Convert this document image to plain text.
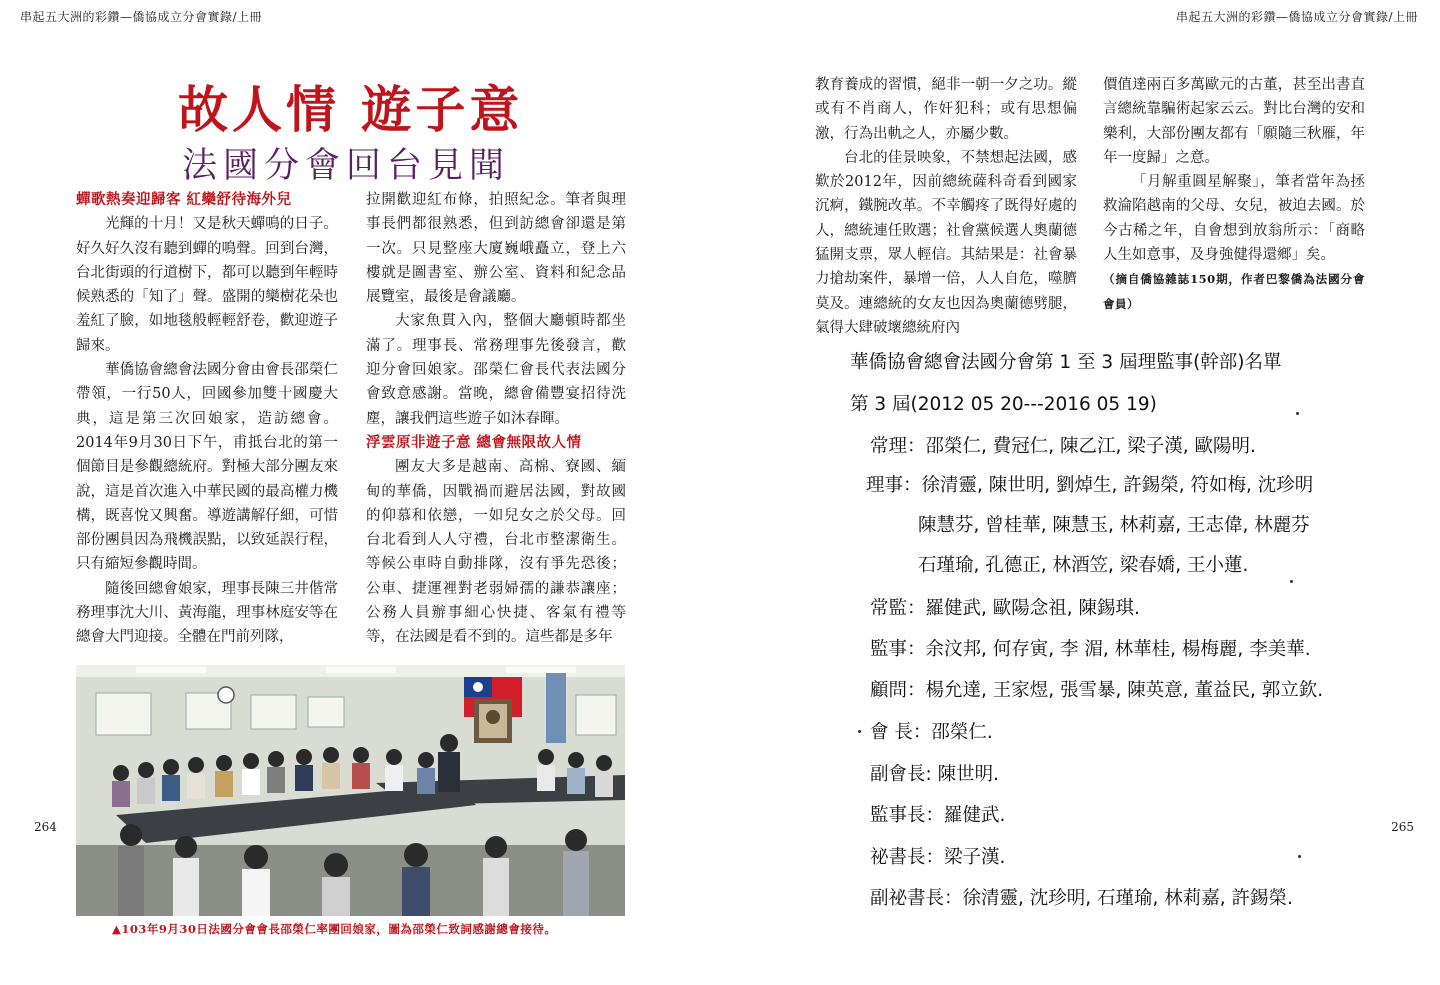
串起五大洲的彩鑽—僑協成立分會實錄/上冊	串起五大洲的彩鑽—僑協成立分會實錄/上冊
故人情 遊子意
法國分會回台見聞

蟬歌熱奏迎歸客 紅欒舒待海外兒

光輝的十月！又是秋天蟬鳴的日子。好久好久沒有聽到蟬的鳴聲。回到台灣，台北街頭的行道樹下，都可以聽到年輕時候熟悉的「知了」聲。盛開的欒樹花朵也羞紅了臉，如地毯般輕輕舒卷，歡迎遊子歸來。

華僑協會總會法國分會由會長邵榮仁帶領，一行50人，回國參加雙十國慶大典，這是第三次回娘家，造訪總會。2014年9月30日下午，甫抵台北的第一個節目是參觀總統府。對極大部分團友來說，這是首次進入中華民國的最高權力機構，既喜悅又興奮。導遊講解仔細，可惜部份團員因為飛機誤點，以致延誤行程，只有縮短參觀時間。

隨後回總會娘家，理事長陳三井偕常務理事沈大川、黃海龍，理事林庭安等在總會大門迎接。全體在門前列隊，

拉開歡迎紅布條，拍照紀念。筆者與理事長們都很熟悉，但到訪總會卻還是第一次。只見整座大廈巍峨矗立，登上六樓就是圖書室、辦公室、資料和紀念品展覽室，最後是會議廳。

大家魚貫入內，整個大廳頓時都坐滿了。理事長、常務理事先後發言，歡迎分會回娘家。邵榮仁會長代表法國分會致意感謝。當晚，總會備豐宴招待洗塵，讓我們這些遊子如沐春暉。

浮雲原非遊子意 總會無限故人情

團友大多是越南、高棉、寮國、緬甸的華僑，因戰禍而避居法國，對故國的仰慕和依戀，一如兒女之於父母。回台北看到人人守禮，台北市整潔衛生。等候公車時自動排隊，沒有爭先恐後；公車、捷運裡對老弱婦孺的謙恭讓座；公務人員辦事細心快捷、客氣有禮等等，在法國是看不到的。這些都是多年

教育養成的習慣，絕非一朝一夕之功。縱或有不肖商人，作奸犯科；或有思想偏激，行為出軌之人，亦屬少數。

台北的佳景映象，不禁想起法國，感歎於2012年，因前總統薩科奇看到國家沉痾，鐵腕改革。不幸觸疼了既得好處的人，總統連任敗選；社會黨候選人奧蘭德猛開支票，眾人輕信。其結果是：社會暴力搶劫案件，暴增一倍，人人自危，噬臍莫及。連總統的女友也因為奧蘭德劈腿，氣得大肆破壞總統府內

價值達兩百多萬歐元的古董，甚至出書直言總統靠騙術起家云云。對比台灣的安和樂利，大部份團友都有「願隨三秋雁，年年一度歸」之意。

「月解重圓星解聚」，筆者當年為拯救淪陷越南的父母、女兒，被迫去國。於今古稀之年，自會想到放翁所示：「商略人生如意事，及身強健得還鄉」矣。

（摘自僑協雜誌150期，作者巴黎僑為法國分會會員）

▲103年9月30日法國分會會長邵榮仁率團回娘家，圖為邵榮仁致詞感謝總會接待。
華僑協會總會法國分會第 1 至 3 屆理監事(幹部)名單
第 3 屆(2012 05 20---2016 05 19)
常理：邵榮仁, 費冠仁, 陳乙江, 梁子漢, 歐陽明.
理事：徐清靈, 陳世明, 劉焯生, 許錫榮, 符如梅, 沈珍明
陳慧芬, 曾桂華, 陳慧玉, 林莉嘉, 王志偉, 林麗芬
石瑾瑜, 孔德正, 林酒笠, 梁春嬌, 王小蓮.
常監：羅健武, 歐陽念祖, 陳錫琪.
監事：余汶邦, 何存寅, 李 湄, 林華桂, 楊梅麗, 李美華.
顧問：楊允達, 王家煜, 張雪暴, 陳英意, 董益民, 郭立欽.
會 長：邵榮仁.
副會長: 陳世明.
監事長：羅健武.
祕書長：梁子漢.
副祕書長：徐清靈, 沈珍明, 石瑾瑜, 林莉嘉, 許錫榮.
264	265
